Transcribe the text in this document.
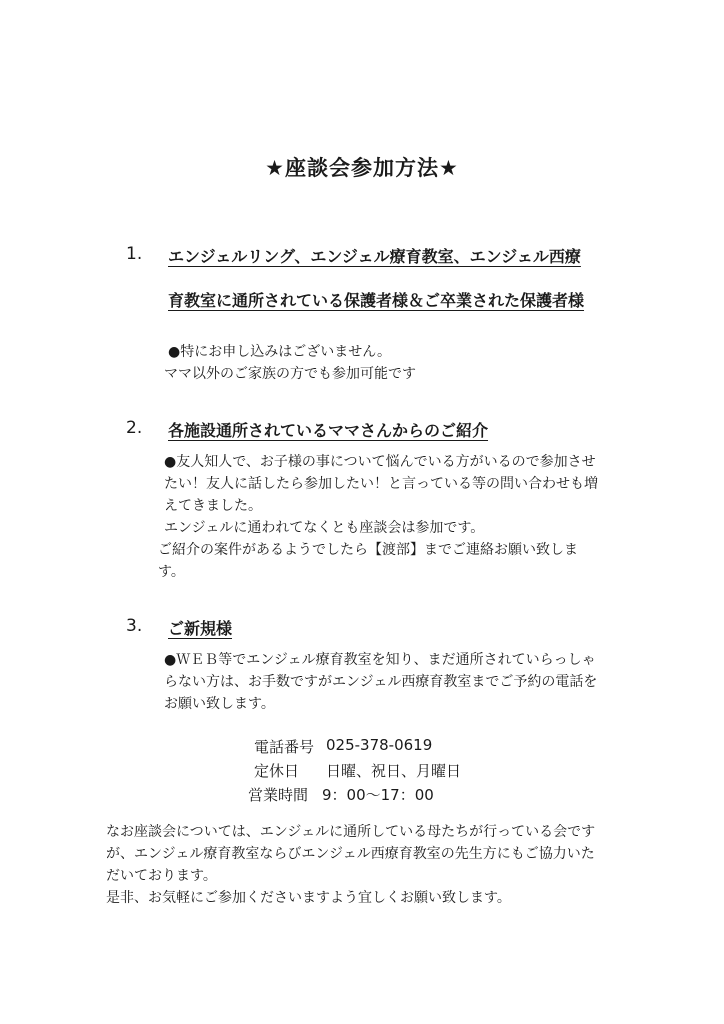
★座談会参加方法★
1. エンジェルリング、エンジェル療育教室、エンジェル西療
育教室に通所されている保護者様＆ご卒業された保護者様
●特にお申し込みはございません。
ママ以外のご家族の方でも参加可能です
2. 各施設通所されているママさんからのご紹介
●友人知人で、お子様の事について悩んでいる方がいるので参加させ
たい！友人に話したら参加したい！と言っている等の問い合わせも増
えてきました。
エンジェルに通われてなくとも座談会は参加です。
ご紹介の案件があるようでしたら【渡部】までご連絡お願い致しま
す。
3. ご新規様
●ＷＥＢ等でエンジェル療育教室を知り、まだ通所されていらっしゃ
らない方は、お手数ですがエンジェル西療育教室までご予約の電話を
お願い致します。
電話番号 025-378-0619
定休日 日曜、祝日、月曜日
営業時間 9：00〜17：00
なお座談会については、エンジェルに通所している母たちが行っている会です
が、エンジェル療育教室ならびエンジェル西療育教室の先生方にもご協力いた
だいております。
是非、お気軽にご参加くださいますよう宜しくお願い致します。
